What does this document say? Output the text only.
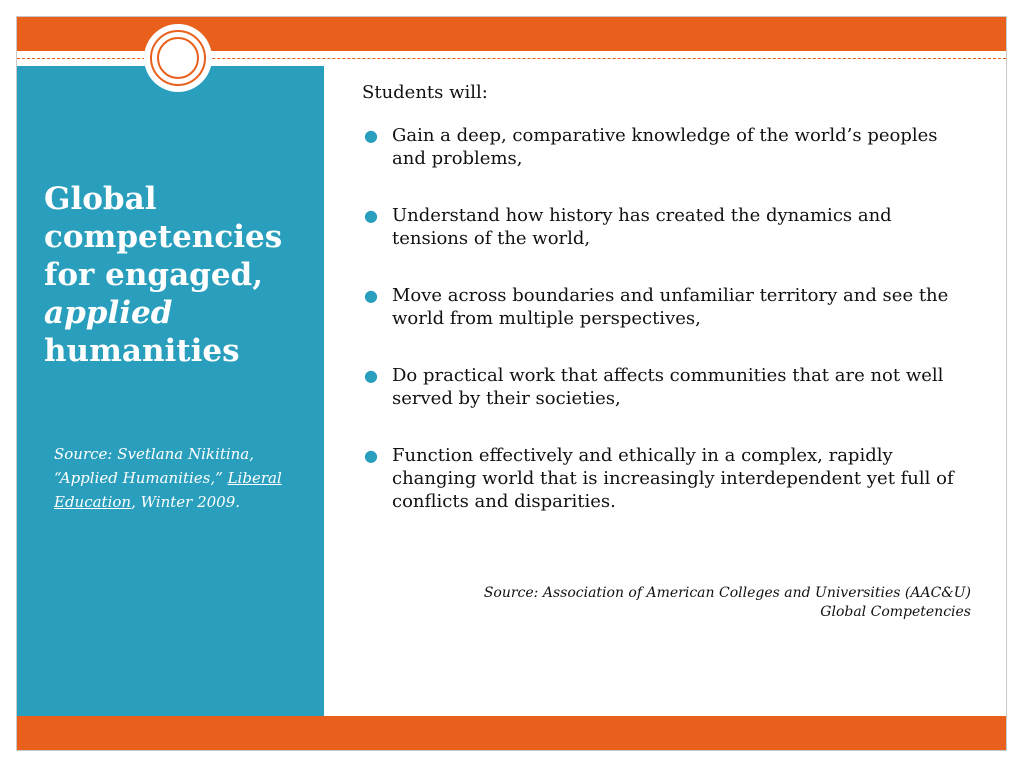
Global
competencies
for engaged,
applied
humanities
Source: Svetlana Nikitina, “Applied Humanities,” Liberal Education, Winter 2009.

Students will:

● Gain a deep, comparative knowledge of the world’s peoples and problems,
● Understand how history has created the dynamics and tensions of the world,
● Move across boundaries and unfamiliar territory and see the world from multiple perspectives,
● Do practical work that affects communities that are not well served by their societies,
● Function effectively and ethically in a complex, rapidly changing world that is increasingly interdependent yet full of conflicts and disparities.
Source: Association of American Colleges and Universities (AAC&U)
Global Competencies
